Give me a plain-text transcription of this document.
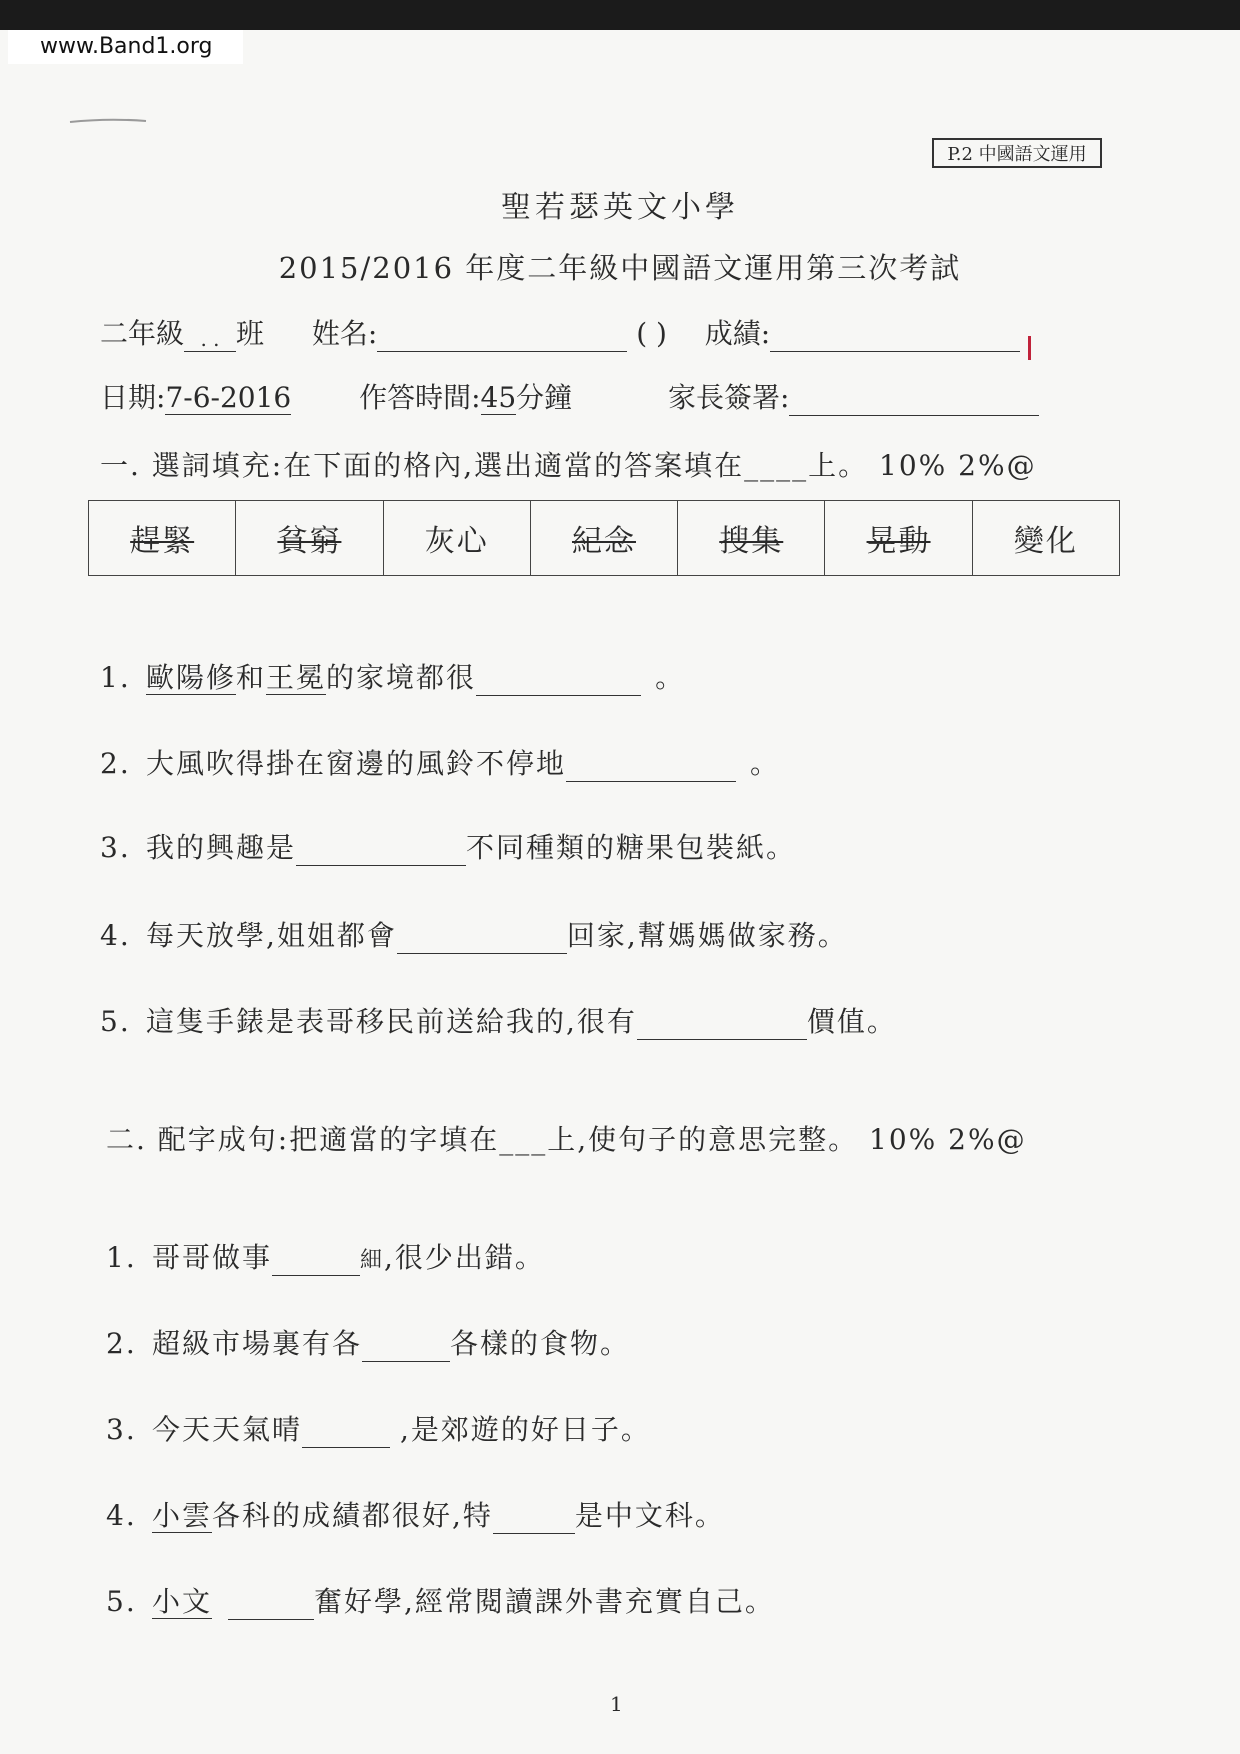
www.Band1.org
P.2 中國語文運用
聖若瑟英文小學
2015/2016 年度二年級中國語文運用第三次考試
二年級 . . 班 姓名:	( ) 成績:
日期:7-6-2016 作答時間:45分鐘	家長簽署:
一. 選詞填充:在下面的格內,選出適當的答案填在____上。 10% 2%@
趕緊	貧窮	灰心	紀念	搜集	晃動	變化
1. 歐陽修和王冕的家境都很	。
2. 大風吹得掛在窗邊的風鈴不停地	。
3. 我的興趣是	不同種類的糖果包裝紙。
4. 每天放學,姐姐都會	回家,幫媽媽做家務。
5. 這隻手錶是表哥移民前送給我的,很有	價值。
二. 配字成句:把適當的字填在___上,使句子的意思完整。 10% 2%@
1. 哥哥做事	細,很少出錯。
2. 超級市場裏有各	各樣的食物。
3. 今天天氣晴	,是郊遊的好日子。
4. 小雲各科的成績都很好,特	是中文科。
5. 小文	奮好學,經常閱讀課外書充實自己。
1
